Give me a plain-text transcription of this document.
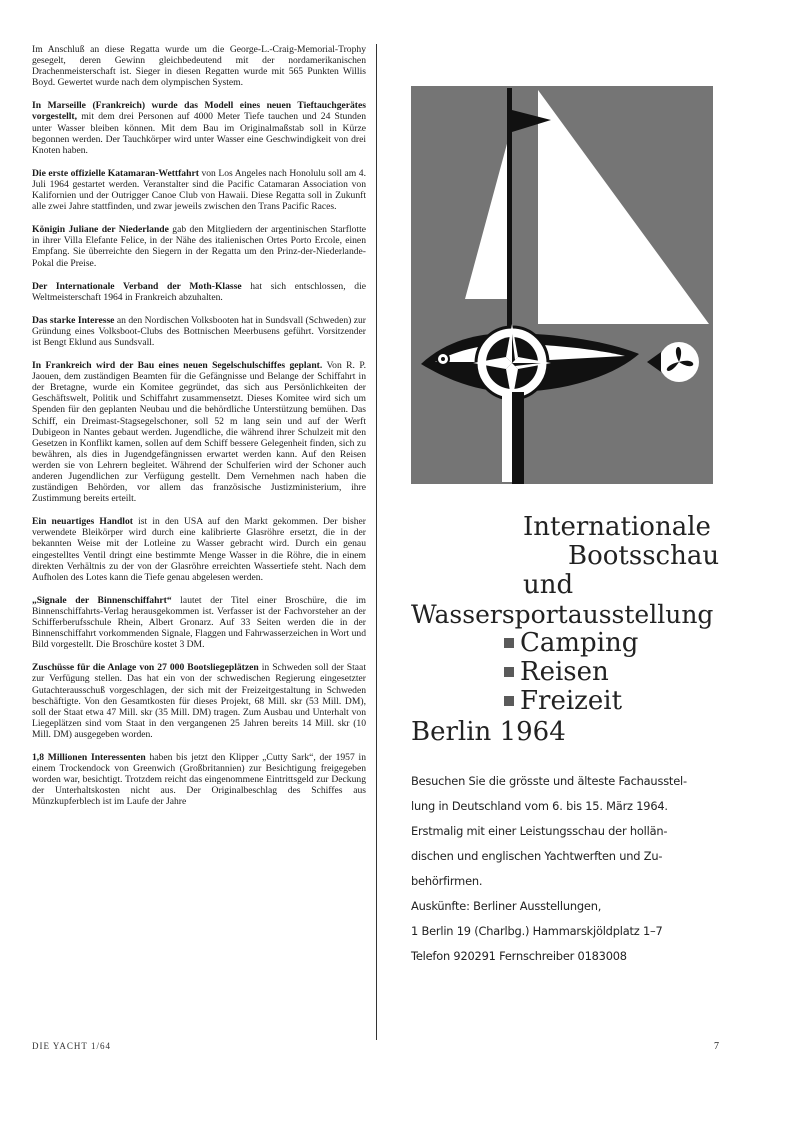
Im Anschluß an diese Regatta wurde um die George-L.-Craig-Memorial-Trophy gesegelt, deren Gewinn gleichbedeutend mit der nordamerikanischen Drachenmeisterschaft ist. Sieger in diesen Regatten wurde mit 565 Punkten Willis Boyd. Gewertet wurde nach dem olympischen System.

In Marseille (Frankreich) wurde das Modell eines neuen Tieftauchgerätes vorgestellt, mit dem drei Personen auf 4000 Meter Tiefe tauchen und 24 Stunden unter Wasser bleiben können. Mit dem Bau im Originalmaßstab soll in Kürze begonnen werden. Der Tauchkörper wird unter Wasser eine Geschwindigkeit von drei Knoten haben.

Die erste offizielle Katamaran-Wettfahrt von Los Angeles nach Honolulu soll am 4. Juli 1964 gestartet werden. Veranstalter sind die Pacific Catamaran Association von Kalifornien und der Outrigger Canoe Club von Hawaii. Diese Regatta soll in Zukunft alle zwei Jahre stattfinden, und zwar jeweils zwischen den Trans Pacific Races.

Königin Juliane der Niederlande gab den Mitgliedern der argentinischen Starflotte in ihrer Villa Elefante Felice, in der Nähe des italienischen Ortes Porto Ercole, einen Empfang. Sie überreichte den Siegern in der Regatta um den Prinz-der-Niederlande-Pokal die Preise.

Der Internationale Verband der Moth-Klasse hat sich entschlossen, die Weltmeisterschaft 1964 in Frankreich abzuhalten.

Das starke Interesse an den Nordischen Volksbooten hat in Sundsvall (Schweden) zur Gründung eines Volksboot-Clubs des Bottnischen Meerbusens geführt. Vorsitzender ist Bengt Eklund aus Sundsvall.

In Frankreich wird der Bau eines neuen Segelschulschiffes geplant. Von R. P. Jaouen, dem zuständigen Beamten für die Gefängnisse und Belange der Schiffahrt in der Bretagne, wurde ein Komitee gegründet, das sich aus Persönlichkeiten der Geschäftswelt, Politik und Schiffahrt zusammensetzt. Dieses Komitee wird sich um Spenden für den geplanten Neubau und die behördliche Unterstützung bemühen. Das Schiff, ein Dreimast-Stagsegelschoner, soll 52 m lang sein und auf der Werft Dubigeon in Nantes gebaut werden. Jugendliche, die während ihrer Schulzeit mit den Gesetzen in Konflikt kamen, sollen auf dem Schiff bessere Gelegenheit finden, sich zu bewähren, als dies in Jugendgefängnissen erwartet werden kann. Auf den Reisen werden sie von Lehrern begleitet. Während der Schulferien wird der Schoner auch anderen Jugendlichen zur Verfügung gestellt. Dem Vernehmen nach haben die zuständigen Behörden, vor allem das französische Justizministerium, ihre Zustimmung bereits erteilt.

Ein neuartiges Handlot ist in den USA auf den Markt gekommen. Der bisher verwendete Bleikörper wird durch eine kalibrierte Glasröhre ersetzt, die in der bekannten Weise mit der Lotleine zu Wasser gebracht wird. Durch ein genau eingestelltes Ventil dringt eine bestimmte Menge Wasser in die Röhre, die in einem direkten Verhältnis zu der von der Glasröhre erreichten Wassertiefe steht. Nach dem Aufholen des Lotes kann die Tiefe genau abgelesen werden.

„Signale der Binnenschiffahrt“ lautet der Titel einer Broschüre, die im Binnenschiffahrts-Verlag herausgekommen ist. Verfasser ist der Fachvorsteher an der Schifferberufsschule Rhein, Albert Gronarz. Auf 33 Seiten werden die in der Binnenschiffahrt vorkommenden Signale, Flaggen und Fahrwasserzeichen in Wort und Bild vorgestellt. Die Broschüre kostet 3 DM.

Zuschüsse für die Anlage von 27 000 Bootsliegeplätzen in Schweden soll der Staat zur Verfügung stellen. Das hat ein von der schwedischen Regierung eingesetzter Gutachterausschuß vorgeschlagen, der sich mit der Freizeitgestaltung in Schweden beschäftigte. Von den Gesamtkosten für dieses Projekt, 68 Mill. skr (53 Mill. DM), soll der Staat etwa 47 Mill. skr (35 Mill. DM) tragen. Zum Ausbau und Unterhalt von Liegeplätzen sind vom Staat in den vergangenen 25 Jahren bereits 14 Mill. skr (10 Mill. DM) ausgegeben worden.

1,8 Millionen Interessenten haben bis jetzt den Klipper „Cutty Sark“, der 1957 in einem Trockendock von Greenwich (Großbritannien) zur Besichtigung freigegeben worden war, besichtigt. Trotzdem reicht das eingenommene Eintrittsgeld zur Deckung der Unterhaltskosten nicht aus. Der Originalbeschlag des Schiffes aus Münzkupferblech ist im Laufe der Jahre

DIE YACHT 1/64	7
Internationale
Bootsschau
und
Wassersportausstellung
Camping
Reisen
Freizeit
Berlin 1964
Besuchen Sie die grösste und älteste Fachausstel-
lung in Deutschland vom 6. bis 15. März 1964.
Erstmalig mit einer Leistungsschau der hollän-
dischen und englischen Yachtwerften und Zu-
behörfirmen.
Auskünfte: Berliner Ausstellungen,
1 Berlin 19 (Charlbg.) Hammarskjöldplatz 1–7
Telefon 920291 Fernschreiber 0183008
